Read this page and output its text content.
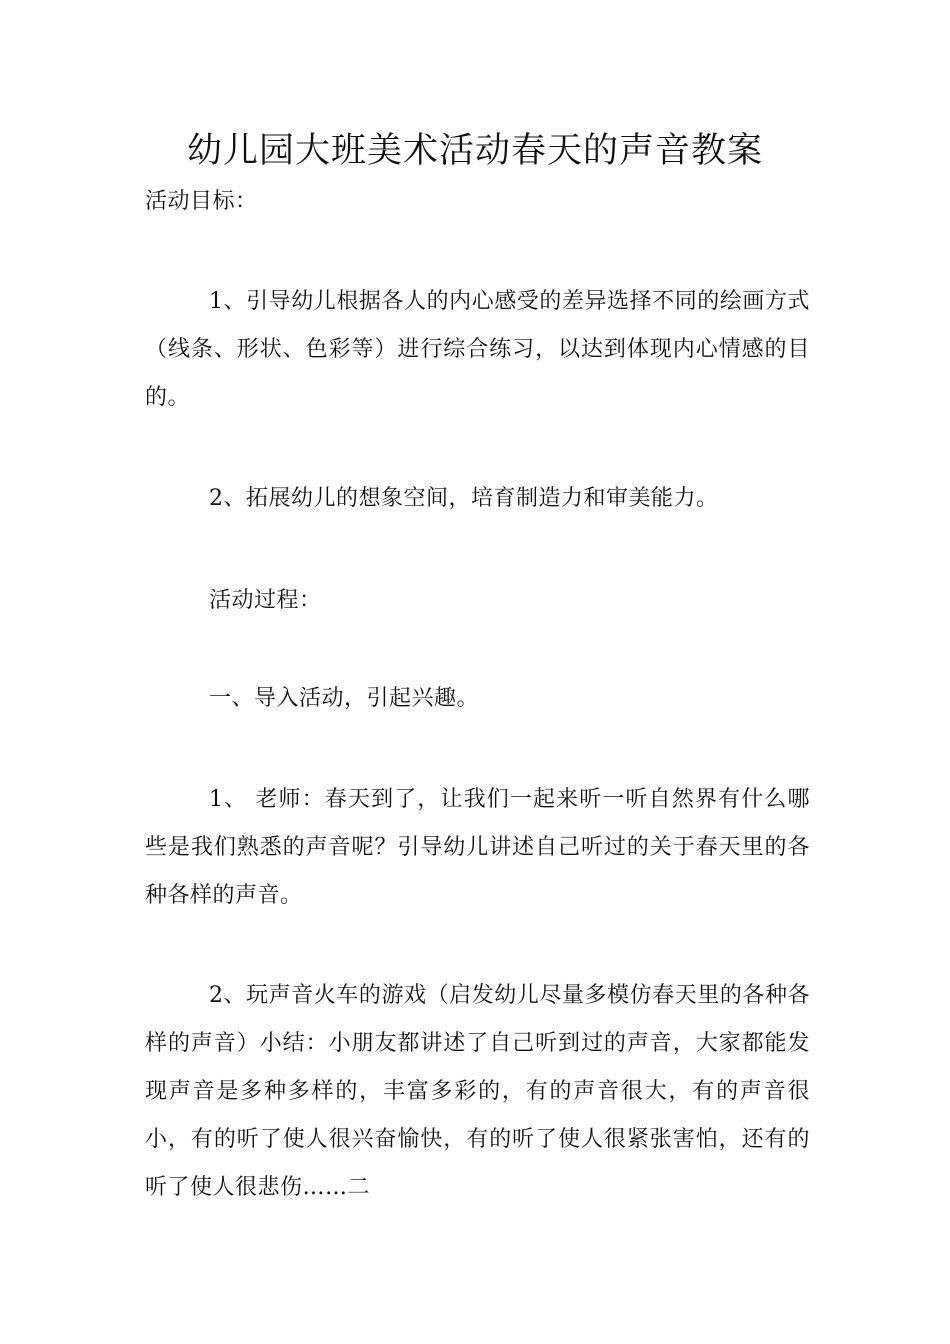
幼儿园大班美术活动春天的声音教案

活动目标：

1、引导幼儿根据各人的内心感受的差异选择不同的绘画方式（线条、形状、色彩等）进行综合练习，以达到体现内心情感的目的。

2、拓展幼儿的想象空间，培育制造力和审美能力。

活动过程：

一、导入活动，引起兴趣。

1、 老师：春天到了，让我们一起来听一听自然界有什么哪些是我们熟悉的声音呢？引导幼儿讲述自己听过的关于春天里的各种各样的声音。

2、玩声音火车的游戏（启发幼儿尽量多模仿春天里的各种各样的声音）小结：小朋友都讲述了自己听到过的声音，大家都能发现声音是多种多样的，丰富多彩的，有的声音很大，有的声音很小，有的听了使人很兴奋愉快，有的听了使人很紧张害怕，还有的听了使人很悲伤……二
